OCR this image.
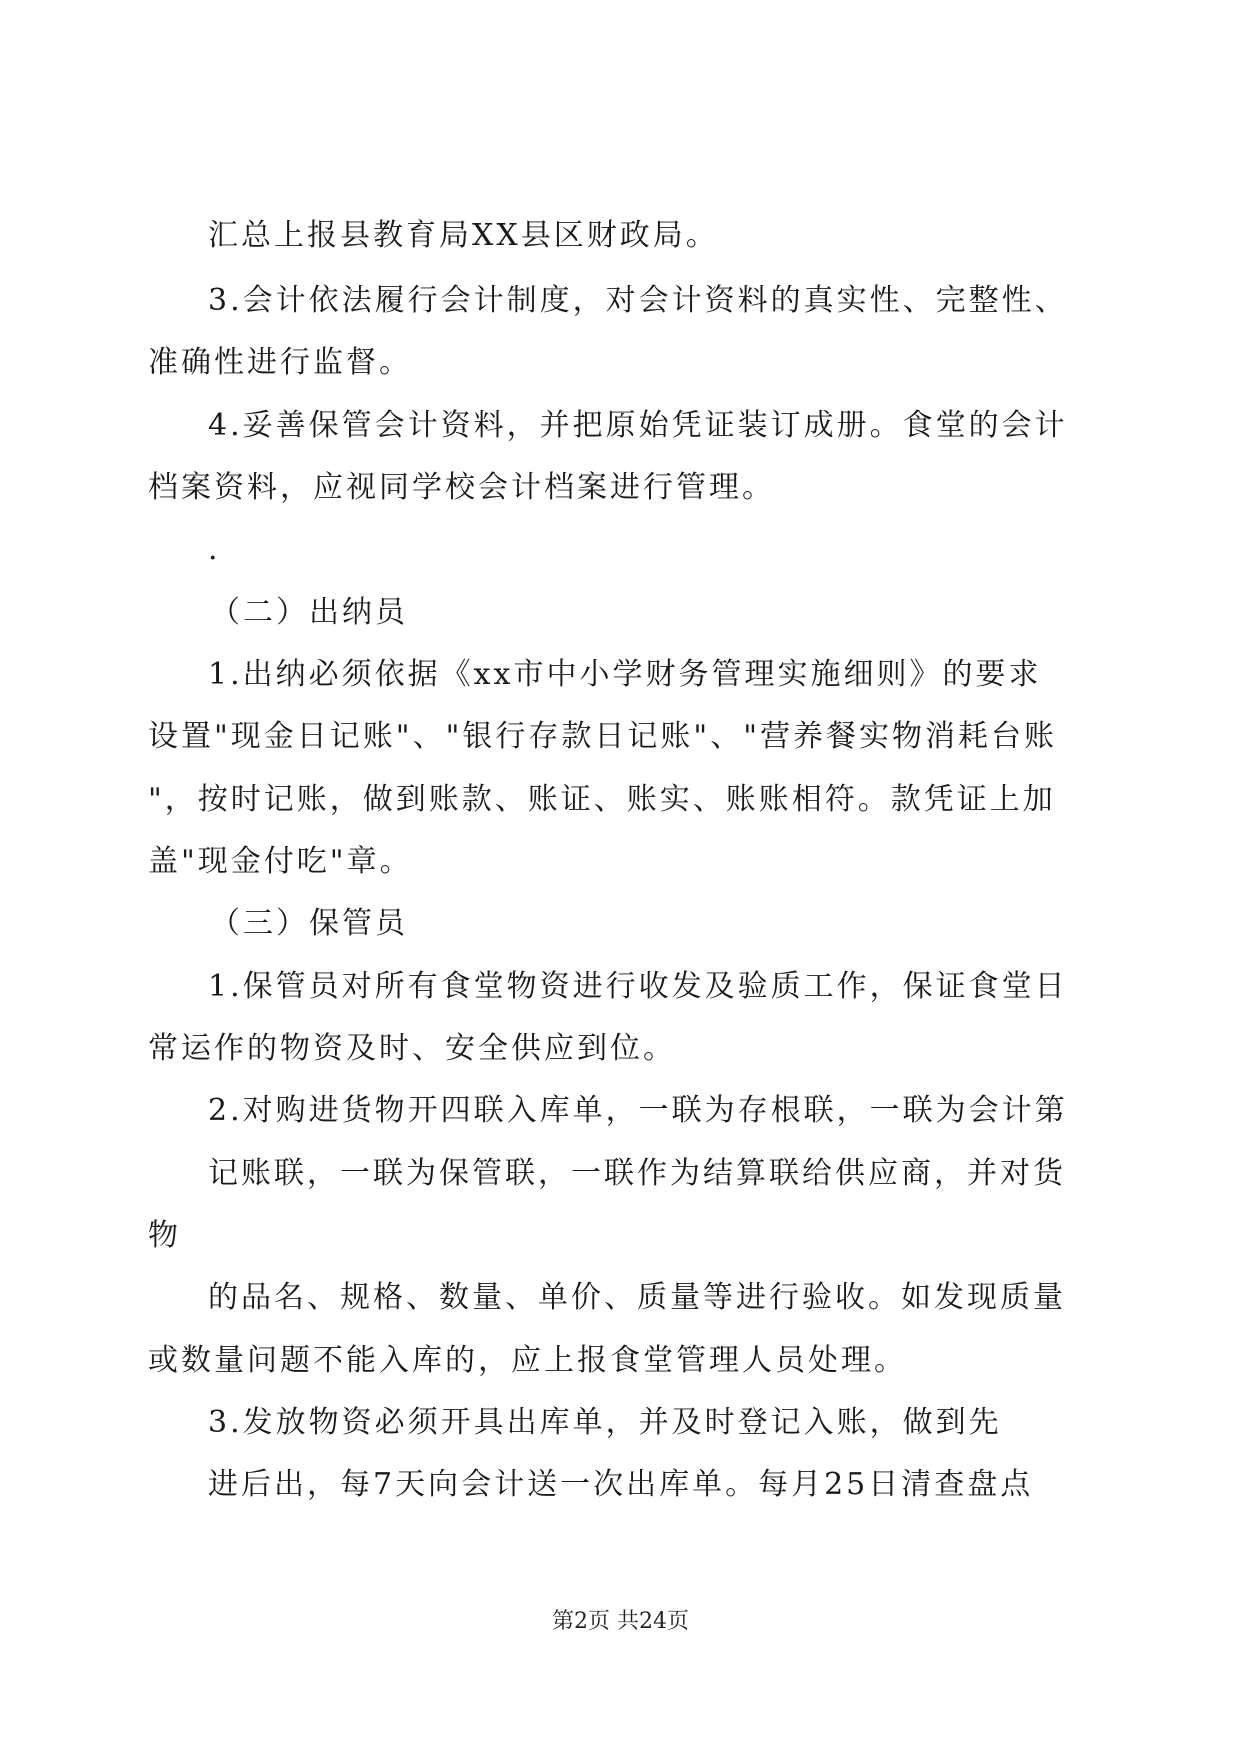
汇总上报县教育局XX县区财政局。
3.会计依法履行会计制度，对会计资料的真实性、完整性、
准确性进行监督。
4.妥善保管会计资料，并把原始凭证装订成册。食堂的会计
档案资料，应视同学校会计档案进行管理。
.
（二）出纳员
1.出纳必须依据《xx市中小学财务管理实施细则》的要求
设置"现金日记账"、"银行存款日记账"、"营养餐实物消耗台账
"，按时记账，做到账款、账证、账实、账账相符。款凭证上加
盖"现金付吃"章。
（三）保管员
1.保管员对所有食堂物资进行收发及验质工作，保证食堂日
常运作的物资及时、安全供应到位。
2.对购进货物开四联入库单，一联为存根联，一联为会计第
记账联，一联为保管联，一联作为结算联给供应商，并对货
物
的品名、规格、数量、单价、质量等进行验收。如发现质量
或数量问题不能入库的，应上报食堂管理人员处理。
3.发放物资必须开具出库单，并及时登记入账，做到先
进后出，每7天向会计送一次出库单。每月25日清查盘点
第2页 共24页
